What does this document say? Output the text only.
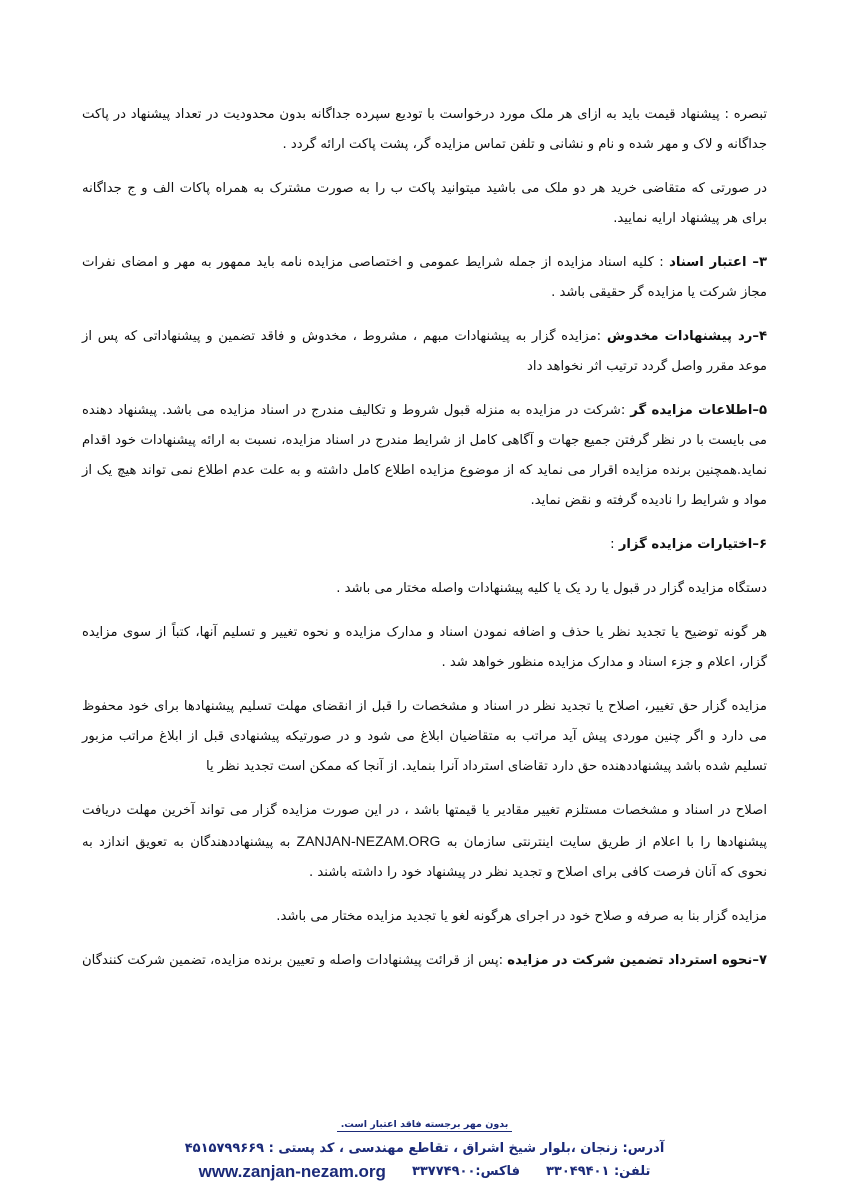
تبصره : پیشنهاد قیمت باید به ازای هر ملک مورد درخواست با تودیع سپرده جداگانه بدون محدودیت در تعداد پیشنهاد در پاکت جداگانه و لاک و مهر شده و نام و نشانی و تلفن تماس مزایده گر، پشت پاکت ارائه گردد .

در صورتی که متقاضی خرید هر دو ملک می باشید میتوانید پاکت ب را به صورت مشترک به همراه پاکات الف و ج جداگانه برای هر پیشنهاد ارایه نمایید.

۳– اعتبار اسناد : کلیه اسناد مزایده از جمله شرایط عمومی و اختصاصی مزایده نامه باید ممهور به مهر و امضای نفرات مجاز شرکت یا مزایده گر حقیقی باشد .

۴–رد پیشنهادات مخدوش :مزایده گزار به پیشنهادات مبهم ، مشروط ، مخدوش و فاقد تضمین و پیشنهاداتی که پس از موعد مقرر واصل گردد ترتیب اثر نخواهد داد

۵–اطلاعات مزایده گر :شرکت در مزایده به منزله قبول شروط و تکالیف مندرج در اسناد مزایده می باشد. پیشنهاد دهنده می بایست با در نظر گرفتن جمیع جهات و آگاهی کامل از شرایط مندرج در اسناد مزایده، نسبت به ارائه پیشنهادات خود اقدام نماید.همچنین برنده مزایده اقرار می نماید که از موضوع مزایده اطلاع کامل داشته و به علت عدم اطلاع نمی تواند هیچ یک از مواد و شرایط را نادیده گرفته و نقض نماید.

۶–اختیارات مزایده گزار :

دستگاه مزایده گزار در قبول یا رد یک یا کلیه پیشنهادات واصله مختار می باشد .

هر گونه توضیح یا تجدید نظر یا حذف و اضافه نمودن اسناد و مدارک مزایده و نحوه تغییر و تسلیم آنها، کتباً از سوی مزایده گزار، اعلام و جزء اسناد و مدارک مزایده منظور خواهد شد .

مزایده گزار حق تغییر، اصلاح یا تجدید نظر در اسناد و مشخصات را قبل از انقضای مهلت تسلیم پیشنهادها برای خود محفوظ می دارد و اگر چنین موردی پیش آید مراتب به متقاضیان ابلاغ می شود و در صورتیکه پیشنهادی قبل از ابلاغ مراتب مزبور تسلیم شده باشد پیشنهاددهنده حق دارد تقاضای استرداد آنرا بنماید. از آنجا که ممکن است تجدید نظر یا

اصلاح در اسناد و مشخصات مستلزم تغییر مقادیر یا قیمتها باشد ، در این صورت مزایده گزار می تواند آخرین مهلت دریافت پیشنهادها را با اعلام از طریق سایت اینترنتی سازمان به ZANJAN-NEZAM.ORG به پیشنهاددهندگان به تعویق اندازد به نحوی که آنان فرصت کافی برای اصلاح و تجدید نظر در پیشنهاد خود را داشته باشند .

مزایده گزار بنا به صرفه و صلاح خود در اجرای هرگونه لغو یا تجدید مزایده مختار می باشد.

۷–نحوه استرداد تضمین شرکت در مزایده :پس از قرائت پیشنهادات واصله و تعیین برنده مزایده، تضمین شرکت کنندگان

بدون مهر برجسته فاقد اعتبار است.
آدرس: زنجان ،بلوار شیخ اشراق ، تقاطع مهندسی ، کد پستی : ۴۵۱۵۷۹۹۶۶۹
تلفن: ۳۳۰۴۹۴۰۱
فاکس:۳۳۷۷۴۹۰۰
www.zanjan-nezam.org
